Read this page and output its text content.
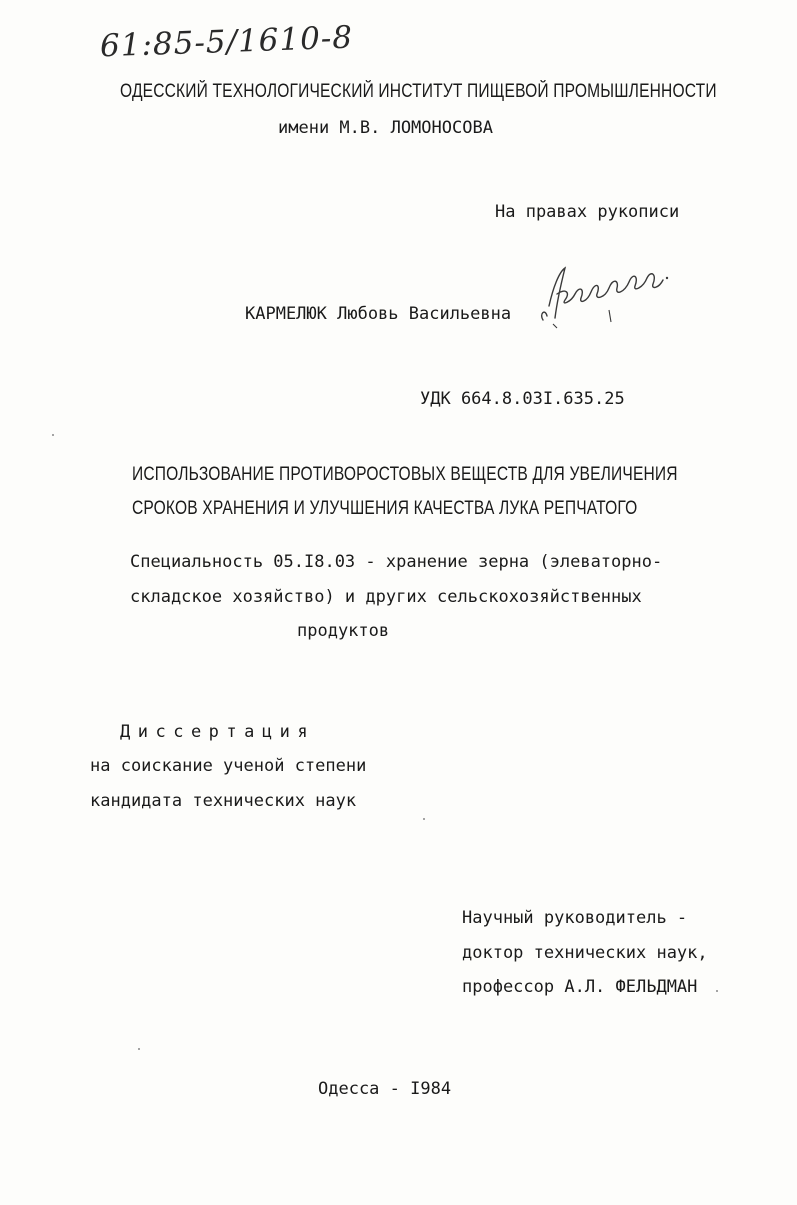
61:85-5/1610-8
ОДЕССКИЙ ТЕХНОЛОГИЧЕСКИЙ ИНСТИТУТ ПИЩЕВОЙ ПРОМЫШЛЕННОСТИ
имени М.В. ЛОМОНОСОВА
На правах рукописи
КАРМЕЛЮК Любовь Васильевна
УДК 664.8.03I.635.25
ИСПОЛЬЗОВАНИЕ ПРОТИВОРОСТОВЫХ ВЕЩЕСТВ ДЛЯ УВЕЛИЧЕНИЯ
СРОКОВ ХРАНЕНИЯ И УЛУЧШЕНИЯ КАЧЕСТВА ЛУКА РЕПЧАТОГО
Специальность 05.I8.03 - хранение зерна (элеваторно-
складское хозяйство) и других сельскохозяйственных
продуктов
Диссертация
на соискание ученой степени
кандидата технических наук
Научный руководитель -
доктор технических наук,
профессор А.Л. ФЕЛЬДМАН
Одесса - I984
